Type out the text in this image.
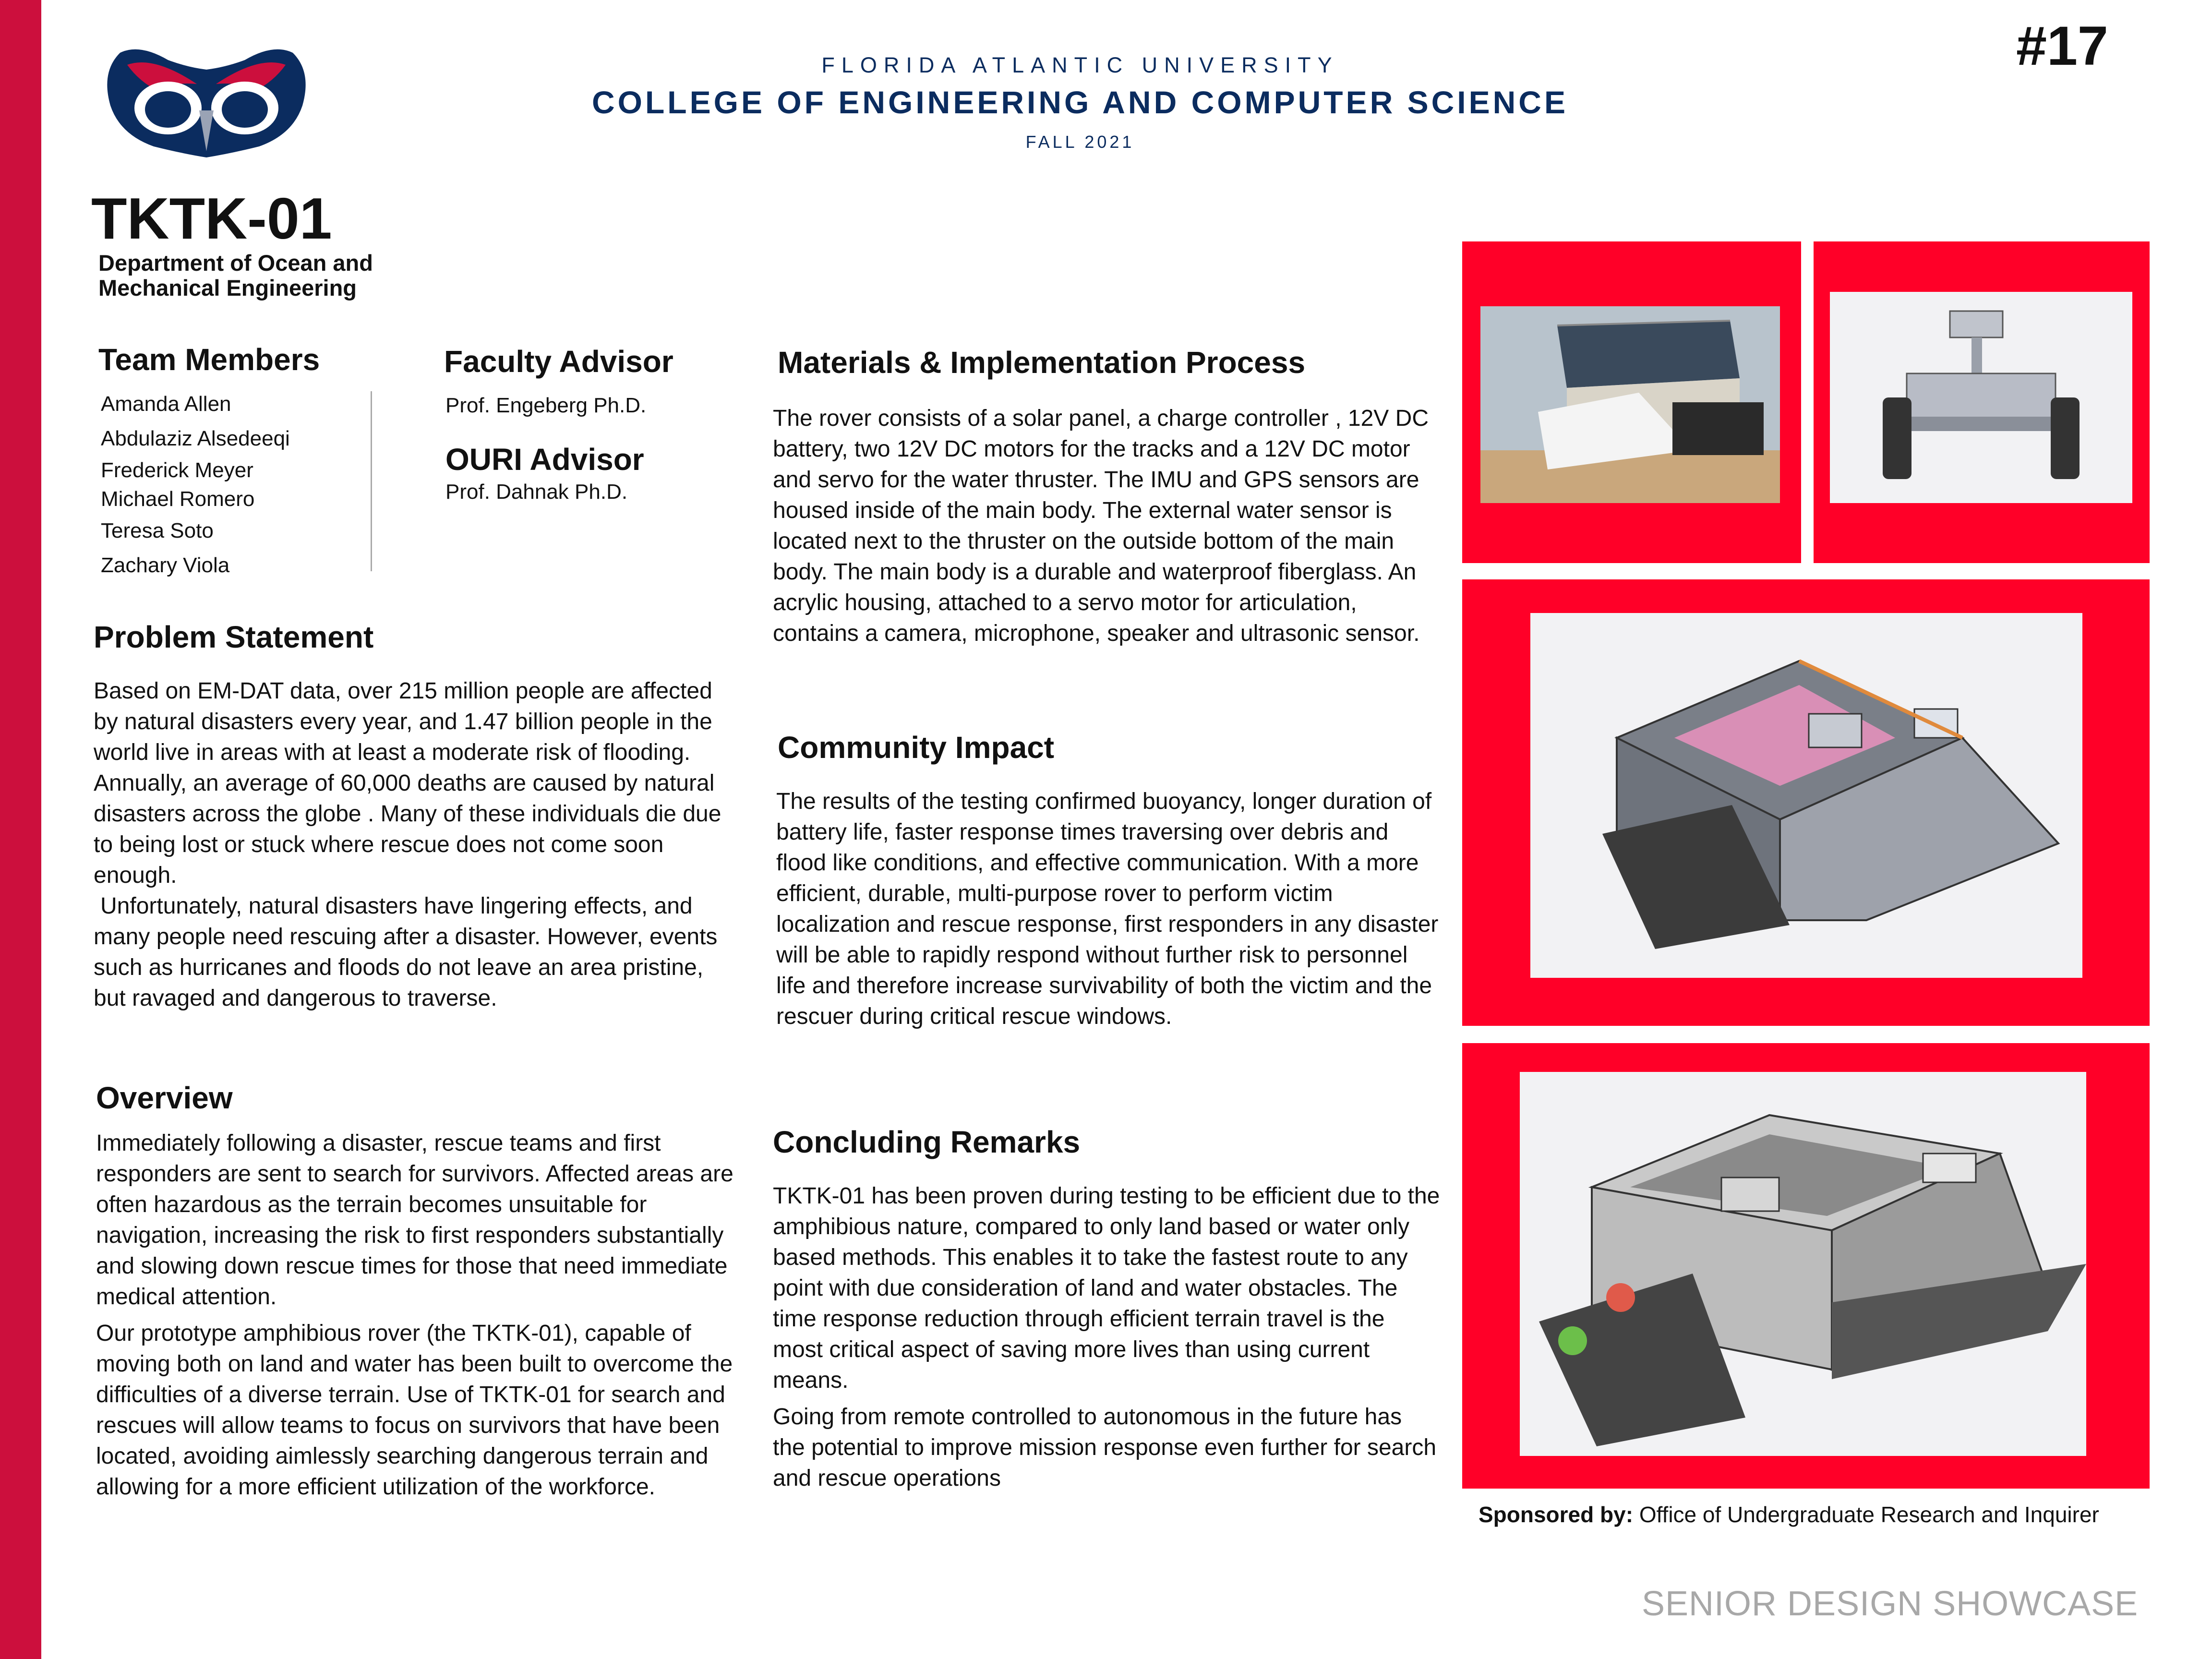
FLORIDA ATLANTIC UNIVERSITY
COLLEGE OF ENGINEERING AND COMPUTER SCIENCE
FALL 2021
#17
TKTK-01
Department of Ocean and
Mechanical Engineering
Team Members
Amanda Allen
Abdulaziz Alsedeeqi
Frederick Meyer
Michael Romero
Teresa Soto
Zachary Viola
Faculty Advisor
Prof. Engeberg Ph.D.
OURI Advisor
Prof. Dahnak Ph.D.
Problem Statement

Based on EM-DAT data, over 215 million people are affected by natural disasters every year, and 1.47 billion people in the world live in areas with at least a moderate risk of flooding. Annually, an average of 60,000 deaths are caused by natural disasters across the globe . Many of these individuals die due to being lost or stuck where rescue does not come soon enough.

Unfortunately, natural disasters have lingering effects, and many people need rescuing after a disaster. However, events such as hurricanes and floods do not leave an area pristine, but ravaged and dangerous to traverse.

Overview

Immediately following a disaster, rescue teams and first responders are sent to search for survivors. Affected areas are often hazardous as the terrain becomes unsuitable for navigation, increasing the risk to first responders substantially and slowing down rescue times for those that need immediate medical attention.

Our prototype amphibious rover (the TKTK-01), capable of moving both on land and water has been built to overcome the difficulties of a diverse terrain. Use of TKTK-01 for search and rescues will allow teams to focus on survivors that have been located, avoiding aimlessly searching dangerous terrain and allowing for a more efficient utilization of the workforce.

Materials & Implementation Process
The rover consists of a solar panel, a charge controller , 12V DC battery, two 12V DC motors for the tracks and a 12V DC motor and servo for the water thruster. The IMU and GPS sensors are housed inside of the main body. The external water sensor is located next to the thruster on the outside bottom of the main body. The main body is a durable and waterproof fiberglass. An acrylic housing, attached to a servo motor for articulation, contains a camera, microphone, speaker and ultrasonic sensor.
Community Impact
The results of the testing confirmed buoyancy, longer duration of battery life, faster response times traversing over debris and flood like conditions, and effective communication. With a more efficient, durable, multi-purpose rover to perform victim localization and rescue response, first responders in any disaster will be able to rapidly respond without further risk to personnel life and therefore increase survivability of both the victim and the rescuer during critical rescue windows.
Concluding Remarks

TKTK-01 has been proven during testing to be efficient due to the amphibious nature, compared to only land based or water only based methods. This enables it to take the fastest route to any point with due consideration of land and water obstacles. The time response reduction through efficient terrain travel is the most critical aspect of saving more lives than using current means.

Going from remote controlled to autonomous in the future has the potential to improve mission response even further for search and rescue operations

Sponsored by: Office of Undergraduate Research and Inquirer
SENIOR DESIGN SHOWCASE
